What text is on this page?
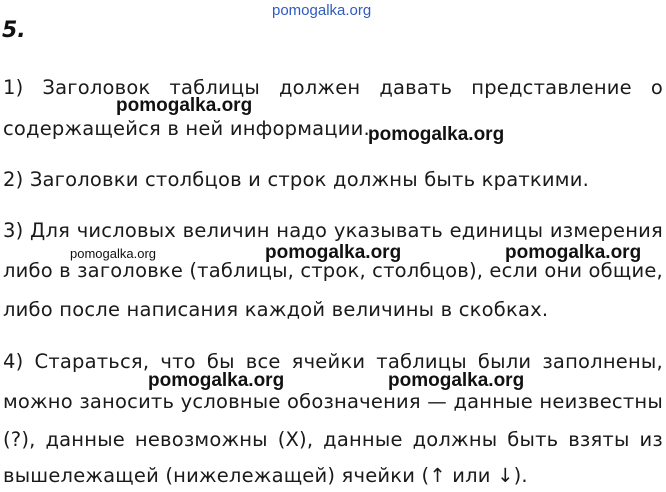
pomogalka.org
5.
1) Заголовок таблицы должен давать представление о
pomogalka.org
содержащейся в ней информации.
pomogalka.org
2) Заголовки столбцов и строк должны быть краткими.
3) Для числовых величин надо указывать единицы измерения
pomogalka.org	pomogalka.org	pomogalka.org
либо в заголовке (таблицы, строк, столбцов), если они общие,
либо после написания каждой величины в скобках.
4) Стараться, что бы все ячейки таблицы были заполнены,
pomogalka.org	pomogalka.org
можно заносить условные обозначения — данные неизвестны
(?), данные невозможны (X), данные должны быть взяты из
вышележащей (нижележащей) ячейки (↑ или ↓).
